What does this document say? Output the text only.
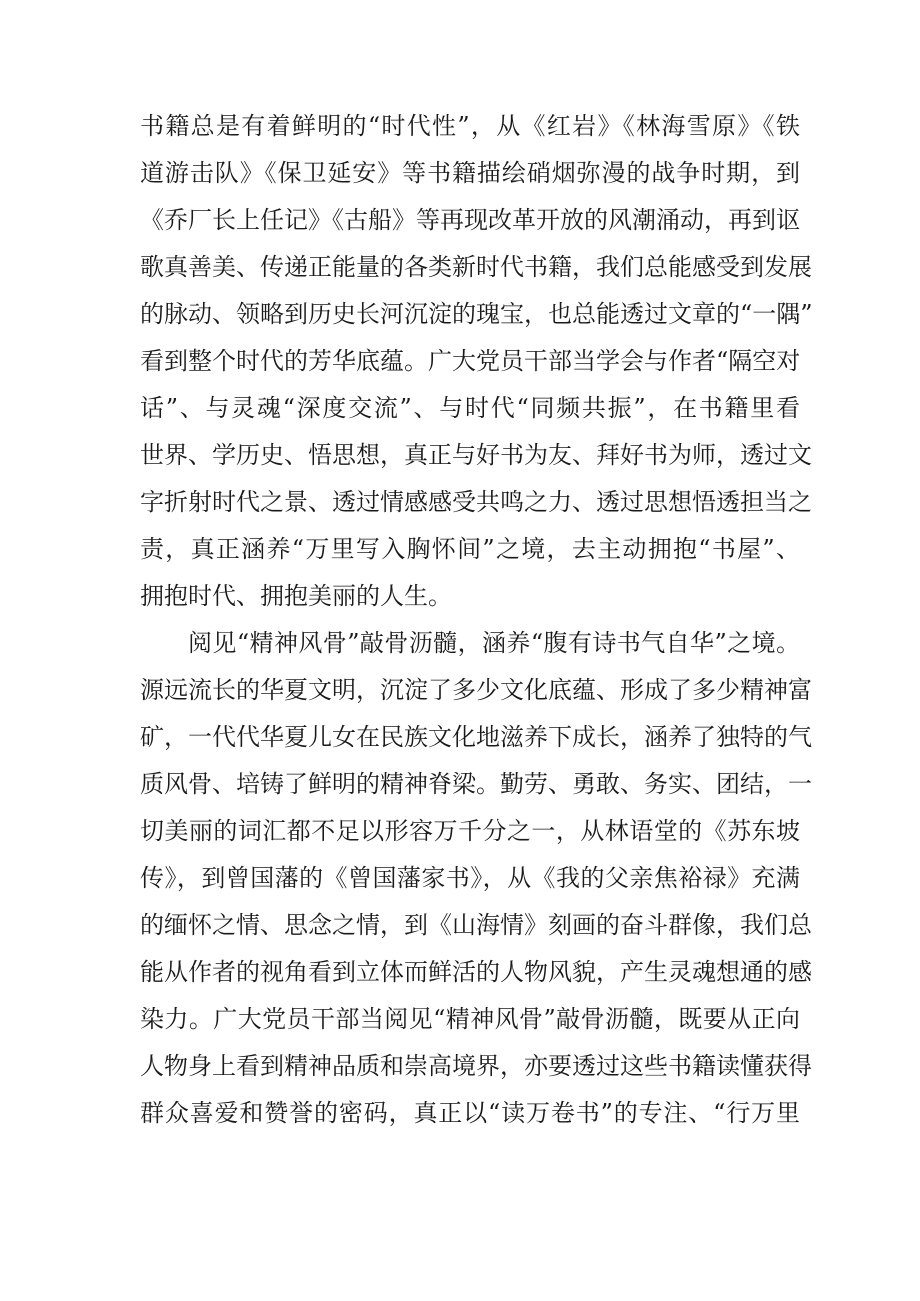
书籍总是有着鲜明的“时代性”，从《红岩》《林海雪原》《铁
道游击队》《保卫延安》等书籍描绘硝烟弥漫的战争时期，到
《乔厂长上任记》《古船》等再现改革开放的风潮涌动，再到讴
歌真善美、传递正能量的各类新时代书籍，我们总能感受到发展
的脉动、领略到历史长河沉淀的瑰宝，也总能透过文章的“一隅”
看到整个时代的芳华底蕴。广大党员干部当学会与作者“隔空对
话”、与灵魂“深度交流”、与时代“同频共振”，在书籍里看
世界、学历史、悟思想，真正与好书为友、拜好书为师，透过文
字折射时代之景、透过情感感受共鸣之力、透过思想悟透担当之
责，真正涵养“万里写入胸怀间”之境，去主动拥抱“书屋”、
拥抱时代、拥抱美丽的人生。
阅见“精神风骨”敲骨沥髓，涵养“腹有诗书气自华”之境。
源远流长的华夏文明，沉淀了多少文化底蕴、形成了多少精神富
矿，一代代华夏儿女在民族文化地滋养下成长，涵养了独特的气
质风骨、培铸了鲜明的精神脊梁。勤劳、勇敢、务实、团结，一
切美丽的词汇都不足以形容万千分之一，从林语堂的《苏东坡
传》，到曾国藩的《曾国藩家书》，从《我的父亲焦裕禄》充满
的缅怀之情、思念之情，到《山海情》刻画的奋斗群像，我们总
能从作者的视角看到立体而鲜活的人物风貌，产生灵魂想通的感
染力。广大党员干部当阅见“精神风骨”敲骨沥髓，既要从正向
人物身上看到精神品质和崇高境界，亦要透过这些书籍读懂获得
群众喜爱和赞誉的密码，真正以“读万卷书”的专注、“行万里
